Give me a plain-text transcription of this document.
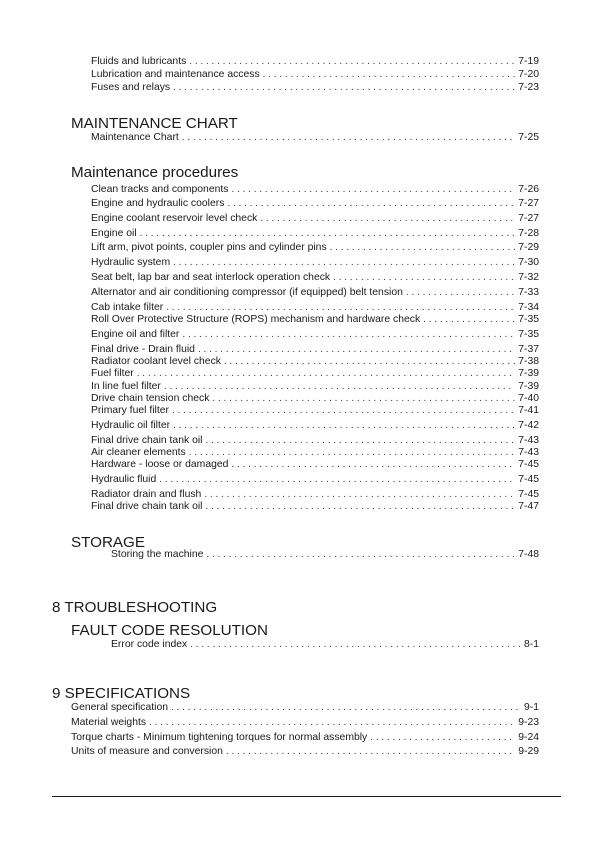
Fluids and lubricants . . .	7-19
Lubrication and maintenance access . . .	7-20
Fuses and relays . . .	7-23
MAINTENANCE CHART
Maintenance Chart . . .	7-25
Maintenance procedures
Clean tracks and components . . .	7-26
Engine and hydraulic coolers . . .	7-27
Engine coolant reservoir level check . . .	7-27
Engine oil . . .	7-28
Lift arm, pivot points, coupler pins and cylinder pins . . .	7-29
Hydraulic system . . .	7-30
Seat belt, lap bar and seat interlock operation check . . .	7-32
Alternator and air conditioning compressor (if equipped) belt tension . . .	7-33
Cab intake filter . . .	7-34
Roll Over Protective Structure (ROPS) mechanism and hardware check . . .	7-35
Engine oil and filter . . .	7-35
Final drive - Drain fluid . . .	7-37
Radiator coolant level check . . .	7-38
Fuel filter . . .	7-39
In line fuel filter . . .	7-39
Drive chain tension check . . .	7-40
Primary fuel filter . . .	7-41
Hydraulic oil filter . . .	7-42
Final drive chain tank oil . . .	7-43
Air cleaner elements . . .	7-43
Hardware - loose or damaged . . .	7-45
Hydraulic fluid . . .	7-45
Radiator drain and flush . . .	7-45
Final drive chain tank oil . . .	7-47
STORAGE
Storing the machine . . .	7-48
8 TROUBLESHOOTING
FAULT CODE RESOLUTION
Error code index . . .	8-1
9 SPECIFICATIONS
General specification . . .	9-1
Material weights . . .	9-23
Torque charts - Minimum tightening torques for normal assembly . . .	9-24
Units of measure and conversion . . .	9-29
